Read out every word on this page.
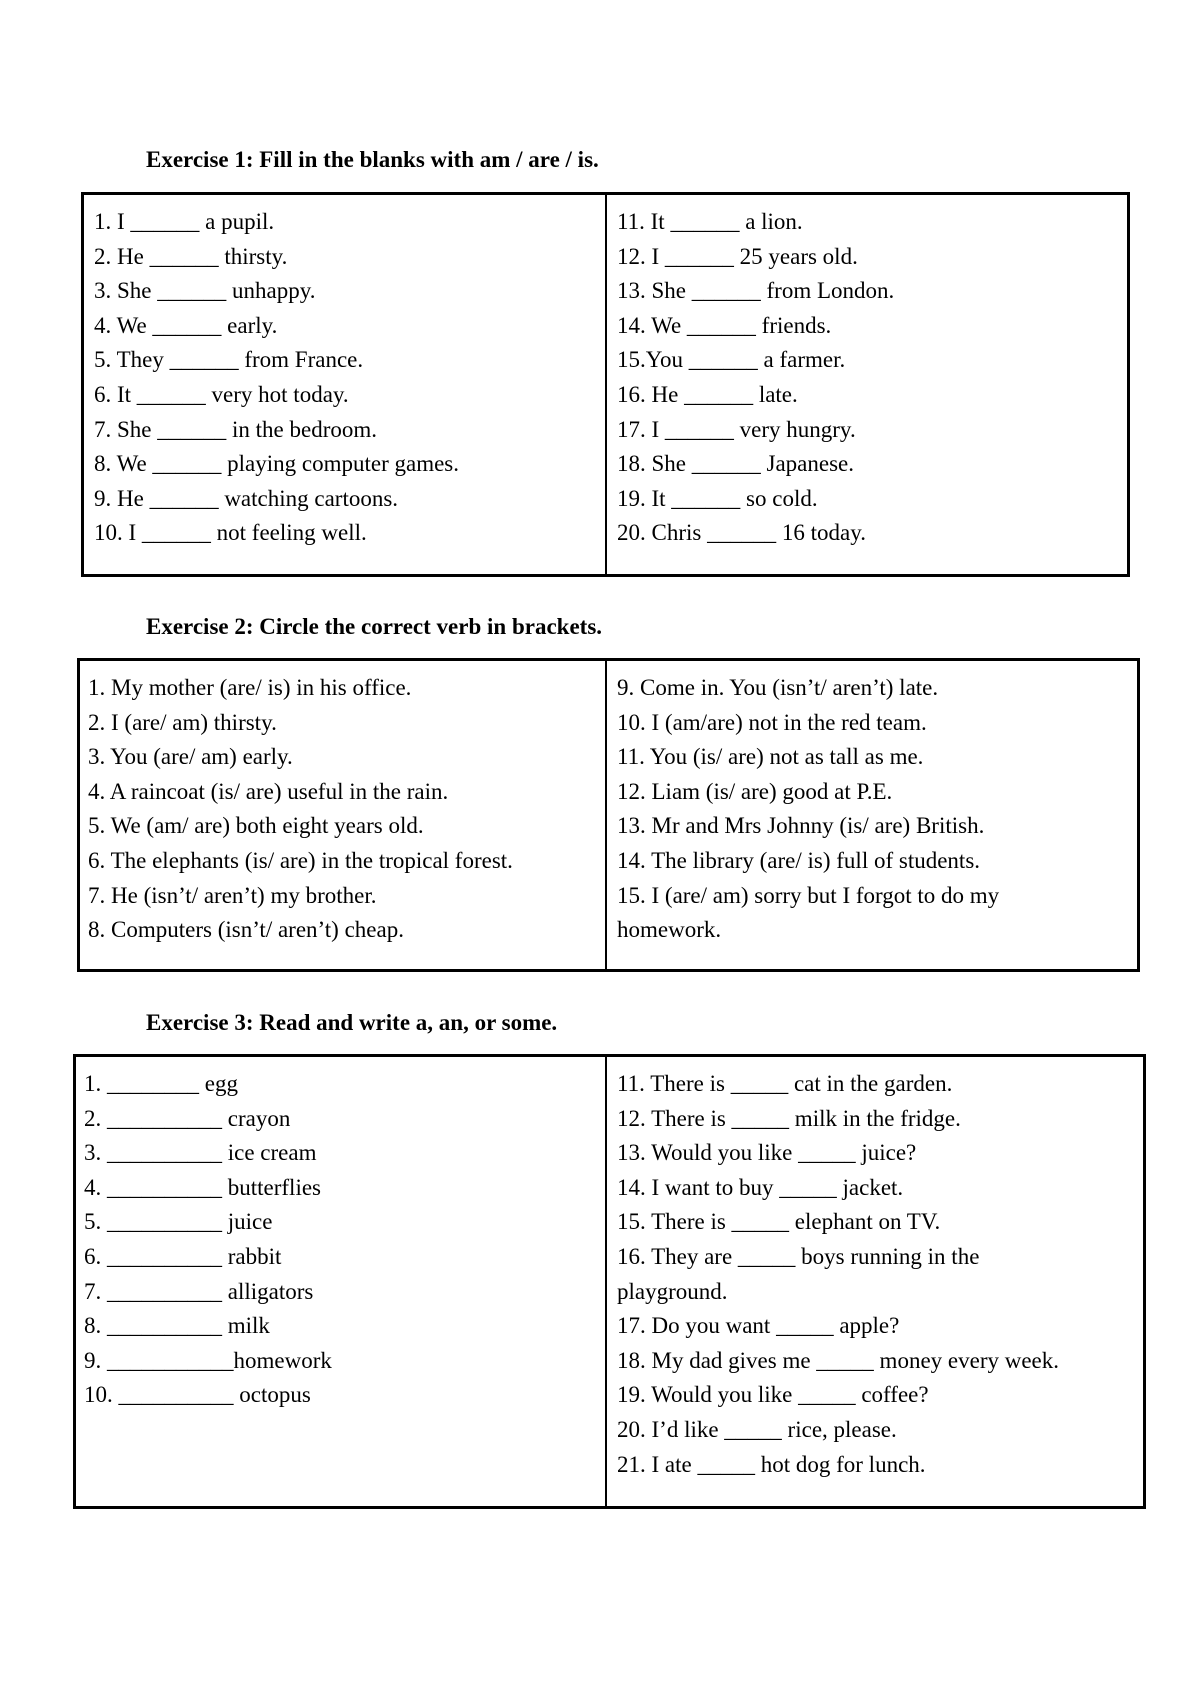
Exercise 1: Fill in the blanks with am / are / is.
1. I ______ a pupil.
2. He ______ thirsty.
3. She ______ unhappy.
4. We ______ early.
5. They ______ from France.
6. It ______ very hot today.
7. She ______ in the bedroom.
8. We ______ playing computer games.
9. He ______ watching cartoons.
10. I ______ not feeling well.
11. It ______ a lion.
12. I ______ 25 years old.
13. She ______ from London.
14. We ______ friends.
15.You ______ a farmer.
16. He ______ late.
17. I ______ very hungry.
18. She ______ Japanese.
19. It ______ so cold.
20. Chris ______ 16 today.
Exercise 2: Circle the correct verb in brackets.
1. My mother (are/ is) in his office.
2. I (are/ am) thirsty.
3. You (are/ am) early.
4. A raincoat (is/ are) useful in the rain.
5. We (am/ are) both eight years old.
6. The elephants (is/ are) in the tropical forest.
7. He (isn’t/ aren’t) my brother.
8. Computers (isn’t/ aren’t) cheap.
9. Come in. You (isn’t/ aren’t) late.
10. I (am/are) not in the red team.
11. You (is/ are) not as tall as me.
12. Liam (is/ are) good at P.E.
13. Mr and Mrs Johnny (is/ are) British.
14. The library (are/ is) full of students.
15. I (are/ am) sorry but I forgot to do my
homework.
Exercise 3: Read and write a, an, or some.
1. ________ egg
2. __________ crayon
3. __________ ice cream
4. __________ butterflies
5. __________ juice
6. __________ rabbit
7. __________ alligators
8. __________ milk
9. ___________homework
10. __________ octopus
11. There is _____ cat in the garden.
12. There is _____ milk in the fridge.
13. Would you like _____ juice?
14. I want to buy _____ jacket.
15. There is _____ elephant on TV.
16. They are _____ boys running in the
playground.
17. Do you want _____ apple?
18. My dad gives me _____ money every week.
19. Would you like _____ coffee?
20. I’d like _____ rice, please.
21. I ate _____ hot dog for lunch.
